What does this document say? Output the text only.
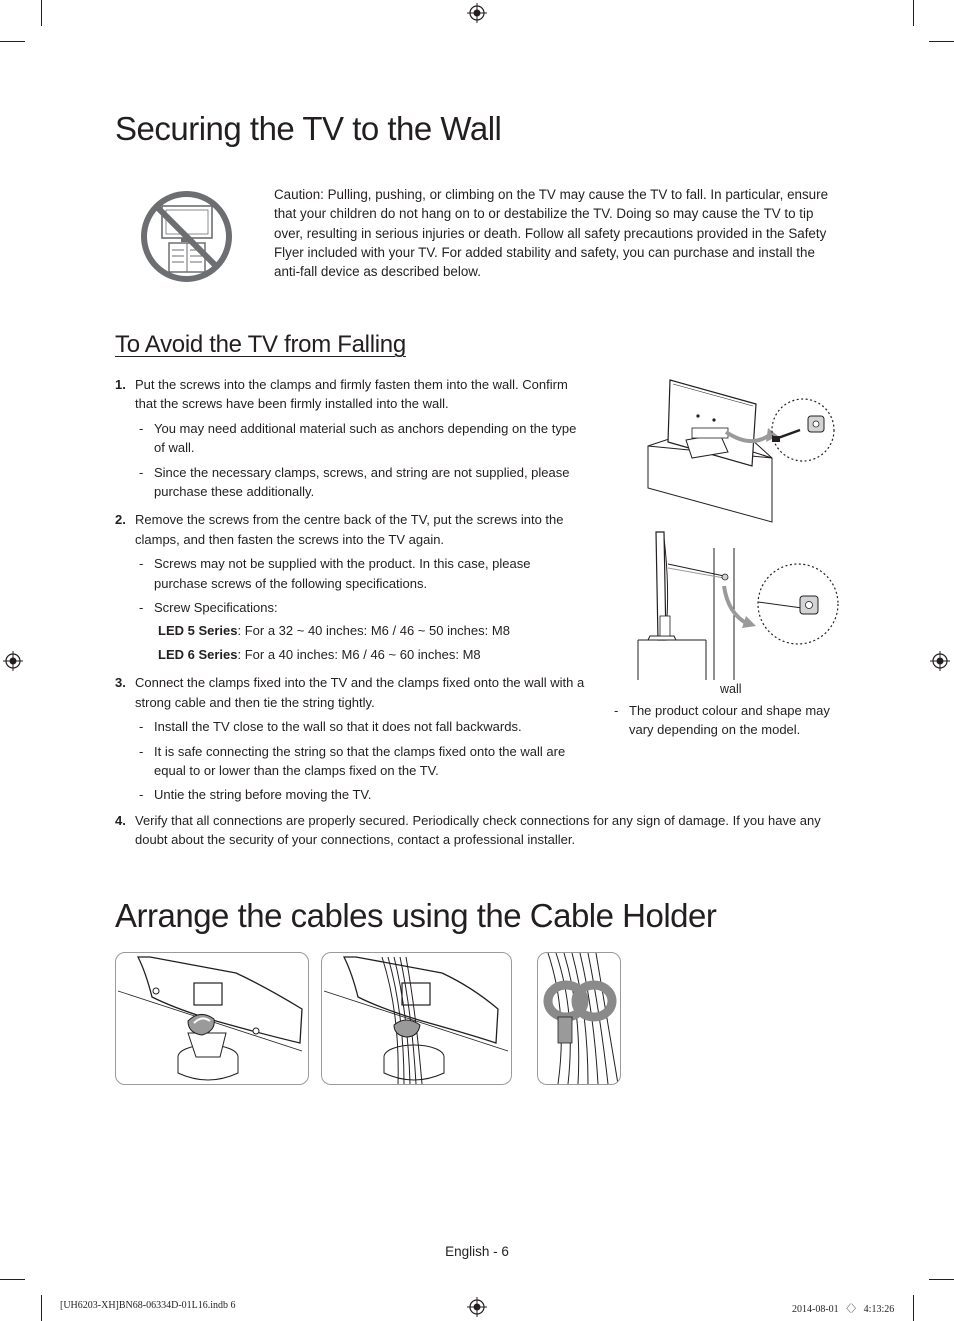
Securing the TV to the Wall
Caution: Pulling, pushing, or climbing on the TV may cause the TV to fall. In particular, ensure that your children do not hang on to or destabilize the TV. Doing so may cause the TV to tip over, resulting in serious injuries or death. Follow all safety precautions provided in the Safety Flyer included with your TV. For added stability and safety, you can purchase and install the anti-fall device as described below.
To Avoid the TV from Falling
1. Put the screws into the clamps and firmly fasten them into the wall. Confirm that the screws have been firmly installed into the wall.
- You may need additional material such as anchors depending on the type of wall.
- Since the necessary clamps, screws, and string are not supplied, please purchase these additionally.
2. Remove the screws from the centre back of the TV, put the screws into the clamps, and then fasten the screws into the TV again.
- Screws may not be supplied with the product. In this case, please purchase screws of the following specifications.
- Screw Specifications:
LED 5 Series: For a 32 ~ 40 inches: M6 / 46 ~ 50 inches: M8
LED 6 Series: For a 40 inches: M6 / 46 ~ 60 inches: M8
3. Connect the clamps fixed into the TV and the clamps fixed onto the wall with a strong cable and then tie the string tightly.
- Install the TV close to the wall so that it does not fall backwards.
- It is safe connecting the string so that the clamps fixed onto the wall are equal to or lower than the clamps fixed on the TV.
- Untie the string before moving the TV.
4. Verify that all connections are properly secured. Periodically check connections for any sign of damage. If you have any doubt about the security of your connections, contact a professional installer.
wall
- The product colour and shape may vary depending on the model.
Arrange the cables using the Cable Holder
English - 6
[UH6203-XH]BN68-06334D-01L16.indb 6	2014-08-01 〈〉 4:13:26
